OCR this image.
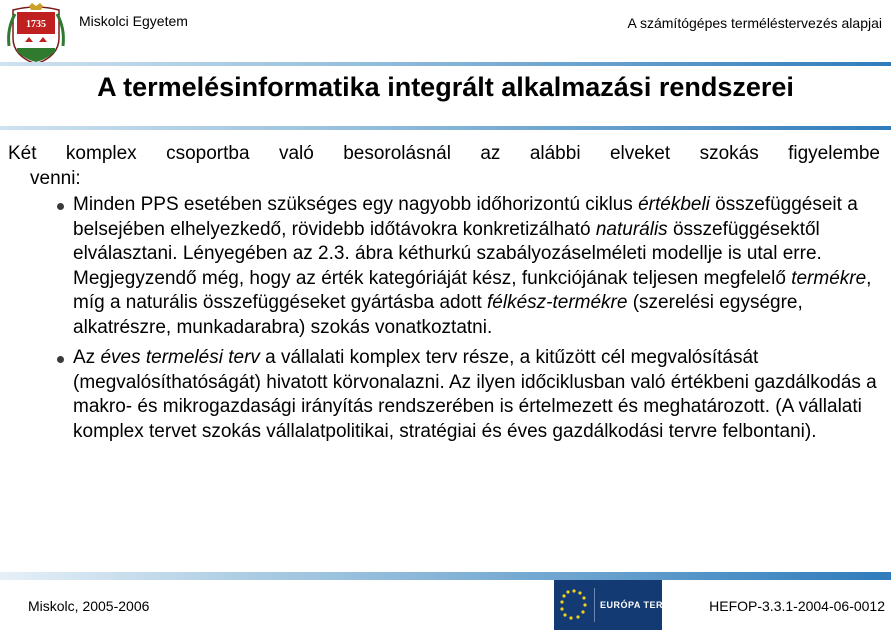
1735 Miskolci Egyetem	A számítógépes terméléstervezés alapjai
A termelésinformatika integrált alkalmazási rendszerei
Két komplex csoportba való besorolásnál az alábbi elveket szokás figyelembe
venni:
Minden PPS esetében szükséges egy nagyobb időhorizontú ciklus értékbeli összefüggéseit a belsejében elhelyezkedő, rövidebb időtávokra konkretizálható naturális összefüggésektől elválasztani. Lényegében az 2.3. ábra kéthurkú szabályozáselméleti modellje is utal erre. Megjegyzendő még, hogy az érték kategóriáját kész, funkciójának teljesen megfelelő termékre, míg a naturális összefüggéseket gyártásba adott félkész-termékre (szerelési egységre, alkatrészre, munkadarabra) szokás vonatkoztatni.
Az éves termelési terv a vállalati komplex terv része, a kitűzött cél megvalósítását (megvalósíthatóságát) hivatott körvonalazni. Az ilyen időciklusban való értékbeni gazdálkodás a makro- és mikrogazdasági irányítás rendszerében is értelmezett és meghatározott. (A vállalati komplex tervet szokás vállalatpolitikai, stratégiai és éves gazdálkodási tervre felbontani).
Miskolc, 2005-2006	EURÓPA TERV	HEFOP-3.3.1-2004-06-0012
